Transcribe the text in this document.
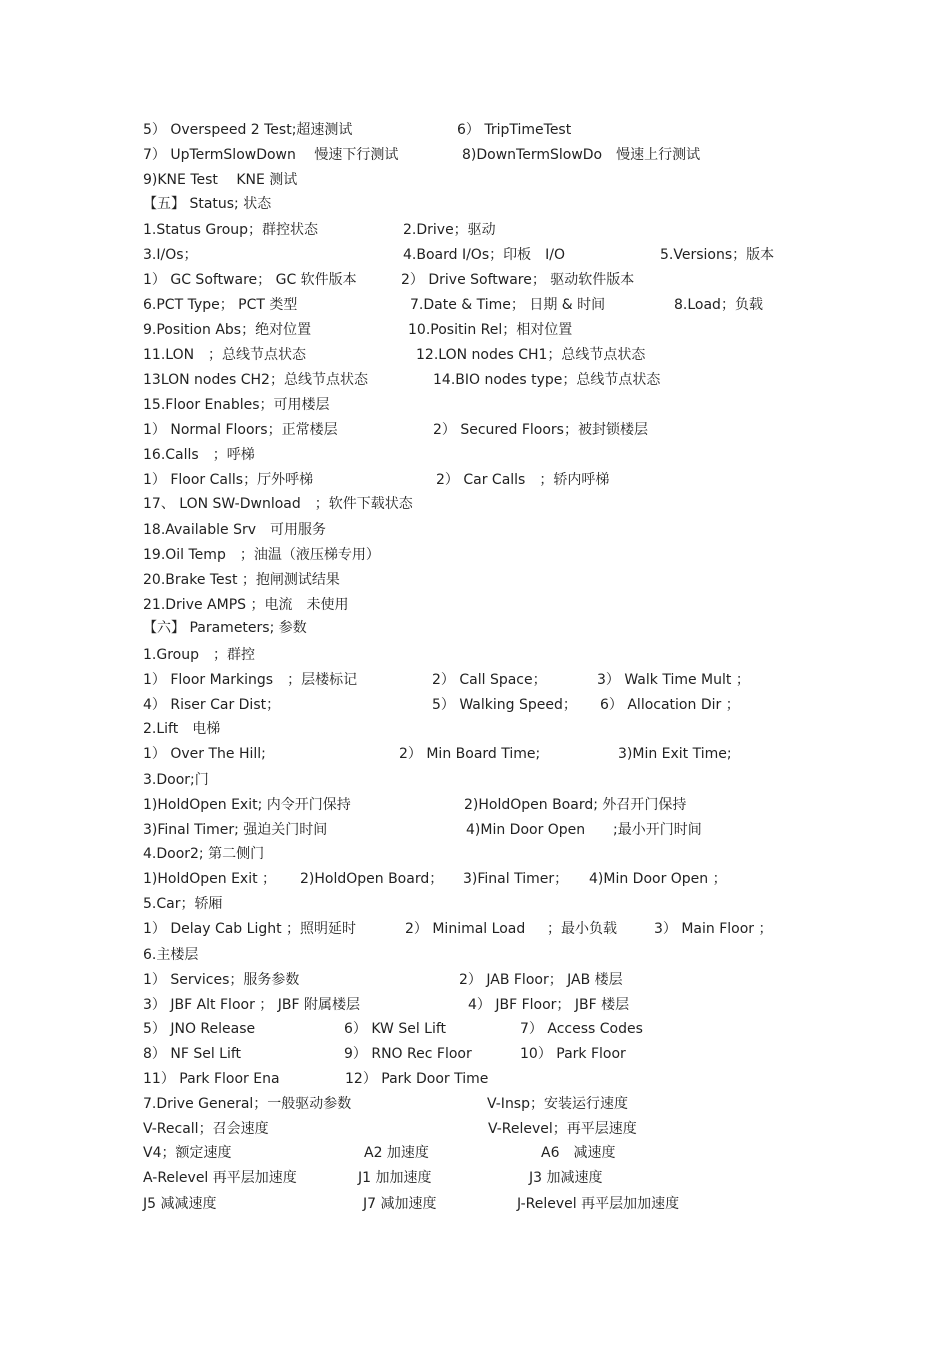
5） Overspeed 2 Test;超速测试	6） TripTimeTest
7） UpTermSlowDown　 慢速下行测试	8)DownTermSlowDo　慢速上行测试
9)KNE Test　 KNE 测试
【五】 Status; 状态
1.Status Group；群控状态	2.Drive；驱动
3.I/Os；	4.Board I/Os；印板　I/O	5.Versions；版本
1） GC Software； GC 软件版本	2） Drive Software； 驱动软件版本
6.PCT Type； PCT 类型	7.Date & Time； 日期 & 时间	8.Load；负载
9.Position Abs；绝对位置	10.Positin Rel；相对位置
11.LON　；总线节点状态	12.LON nodes CH1；总线节点状态
13LON nodes CH2；总线节点状态	14.BIO nodes type；总线节点状态
15.Floor Enables；可用楼层
1） Normal Floors；正常楼层	2） Secured Floors；被封锁楼层
16.Calls　；呼梯
1） Floor Calls；厅外呼梯	2） Car Calls　；轿内呼梯
17、 LON SW-Dwnload　；软件下载状态
18.Available Srv　可用服务
19.Oil Temp　；油温（液压梯专用）
20.Brake Test ；抱闸测试结果
21.Drive AMPS ；电流　未使用
【六】 Parameters; 参数
1.Group　；群控
1） Floor Markings　；层楼标记	2） Call Space；	3） Walk Time Mult ；
4） Riser Car Dist；	5） Walking Speed； 6） Allocation Dir ；
2.Lift　电梯
1） Over The Hill;	2） Min Board Time;	3)Min Exit Time;
3.Door;门
1)HoldOpen Exit; 内令开门保持	2)HoldOpen Board; 外召开门保持
3)Final Timer; 强迫关门时间	4)Min Door Open ;最小开门时间
4.Door2; 第二侧门
1)HoldOpen Exit ； 2)HoldOpen Board； 3)Final Timer； 4)Min Door Open ；
5.Car；轿厢
1） Delay Cab Light ；照明延时	2） Minimal Load ；最小负载	3） Main Floor ；
6.主楼层
1） Services；服务参数	2） JAB Floor； JAB 楼层
3） JBF Alt Floor ； JBF 附属楼层	4） JBF Floor； JBF 楼层
5） JNO Release	6） KW Sel Lift	7） Access Codes
8） NF Sel Lift	9） RNO Rec Floor	10） Park Floor
11） Park Floor Ena	12） Park Door Time
7.Drive General；一般驱动参数	V-Insp；安装运行速度
V-Recall；召会速度	V-Relevel；再平层速度
V4；额定速度	A2 加速度	A6　减速度
A-Relevel 再平层加速度	J1 加加速度	J3 加减速度
J5 减减速度	J7 减加速度	J-Relevel 再平层加加速度
